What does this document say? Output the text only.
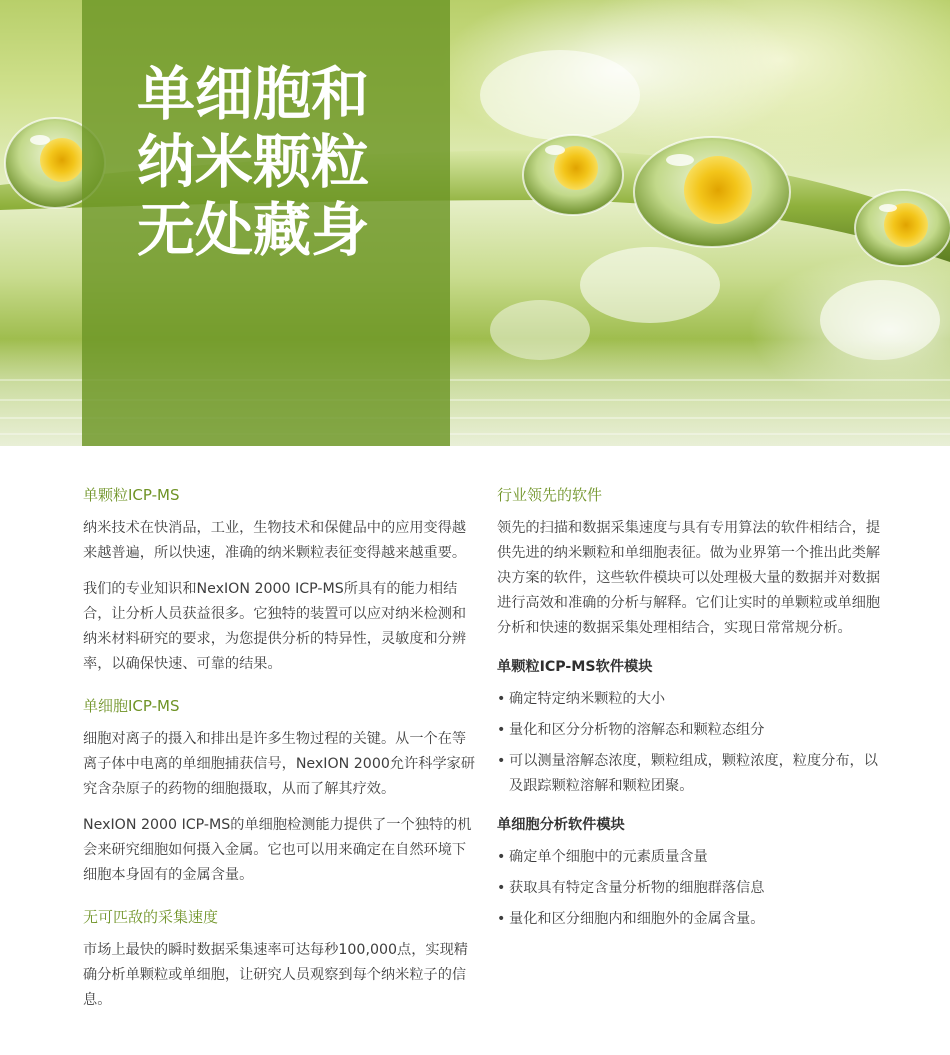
单细胞和
纳米颗粒
无处藏身
单颗粒ICP-MS

纳米技术在快消品，工业，生物技术和保健品中的应用变得越来越普遍，所以快速，准确的纳米颗粒表征变得越来越重要。

我们的专业知识和NexION 2000 ICP-MS所具有的能力相结合，让分析人员获益很多。它独特的装置可以应对纳米检测和纳米材料研究的要求，为您提供分析的特异性，灵敏度和分辨率，以确保快速、可靠的结果。

单细胞ICP-MS

细胞对离子的摄入和排出是许多生物过程的关键。从一个在等离子体中电离的单细胞捕获信号，NexION 2000允许科学家研究含杂原子的药物的细胞摄取，从而了解其疗效。

NexION 2000 ICP-MS的单细胞检测能力提供了一个独特的机会来研究细胞如何摄入金属。它也可以用来确定在自然环境下细胞本身固有的金属含量。

无可匹敌的采集速度

市场上最快的瞬时数据采集速率可达每秒100,000点，实现精确分析单颗粒或单细胞，让研究人员观察到每个纳米粒子的信息。

行业领先的软件

领先的扫描和数据采集速度与具有专用算法的软件相结合，提供先进的纳米颗粒和单细胞表征。做为业界第一个推出此类解决方案的软件，这些软件模块可以处理极大量的数据并对数据进行高效和准确的分析与解释。它们让实时的单颗粒或单细胞分析和快速的数据采集处理相结合，实现日常常规分析。

单颗粒ICP-MS软件模块
• 确定特定纳米颗粒的大小
• 量化和区分分析物的溶解态和颗粒态组分
• 可以测量溶解态浓度，颗粒组成，颗粒浓度，粒度分布，以及跟踪颗粒溶解和颗粒团聚。
单细胞分析软件模块
• 确定单个细胞中的元素质量含量
• 获取具有特定含量分析物的细胞群落信息
• 量化和区分细胞内和细胞外的金属含量。
